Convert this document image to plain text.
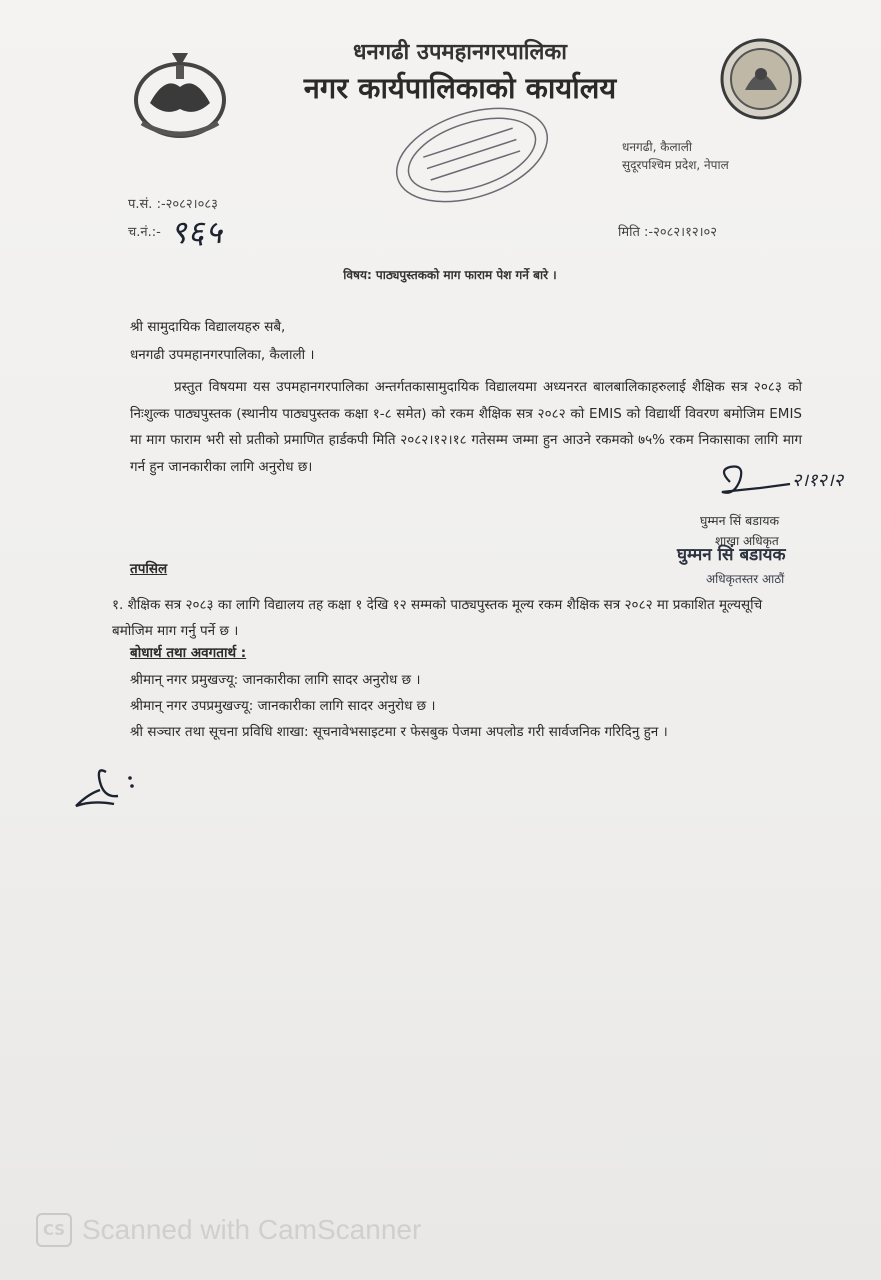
धनगढी उपमहानगरपालिका
नगर कार्यपालिकाको कार्यालय
धनगढी, कैलाली
सुदूरपश्चिम प्रदेश, नेपाल
प.सं. :-२०८२।०८३
च.नं.:- ९६५	मिति :-२०८२।१२।०२
विषय: पाठ्यपुस्तकको माग फाराम पेश गर्ने बारे ।
श्री सामुदायिक विद्यालयहरु सबै,
धनगढी उपमहानगरपालिका, कैलाली ।
प्रस्तुत विषयमा यस उपमहानगरपालिका अन्तर्गतकासामुदायिक विद्यालयमा अध्यनरत बालबालिकाहरुलाई शैक्षिक सत्र २०८३ को निःशुल्क पाठ्यपुस्तक (स्थानीय पाठ्यपुस्तक कक्षा १-८ समेत) को रकम शैक्षिक सत्र २०८२ को EMIS को विद्यार्थी विवरण बमोजिम EMIS मा माग फाराम भरी सो प्रतीको प्रमाणित हार्डकपी मिति २०८२।१२।१८ गतेसम्म जम्मा हुन आउने रकमको ७५% रकम निकासाका लागि माग गर्न हुन जानकारीका लागि अनुरोध छ।
२।१२।२
घुम्मन सिं बडायक
शाखा अधिकृत
घुम्मन सिं बडायक
अधिकृतस्तर आठौं
तपसिल
१. शैक्षिक सत्र २०८३ का लागि विद्यालय तह कक्षा १ देखि १२ सम्मको पाठ्यपुस्तक मूल्य रकम शैक्षिक सत्र २०८२ मा प्रकाशित मूल्यसूचि बमोजिम माग गर्नु पर्ने छ ।
बोधार्थ तथा अवगतार्थ :
श्रीमान् नगर प्रमुखज्यू: जानकारीका लागि सादर अनुरोध छ ।
श्रीमान् नगर उपप्रमुखज्यू: जानकारीका लागि सादर अनुरोध छ ।
श्री सञ्चार तथा सूचना प्रविधि शाखा: सूचनावेभसाइटमा र फेसबुक पेजमा अपलोड गरी सार्वजनिक गरिदिनु हुन ।
CS Scanned with CamScanner
